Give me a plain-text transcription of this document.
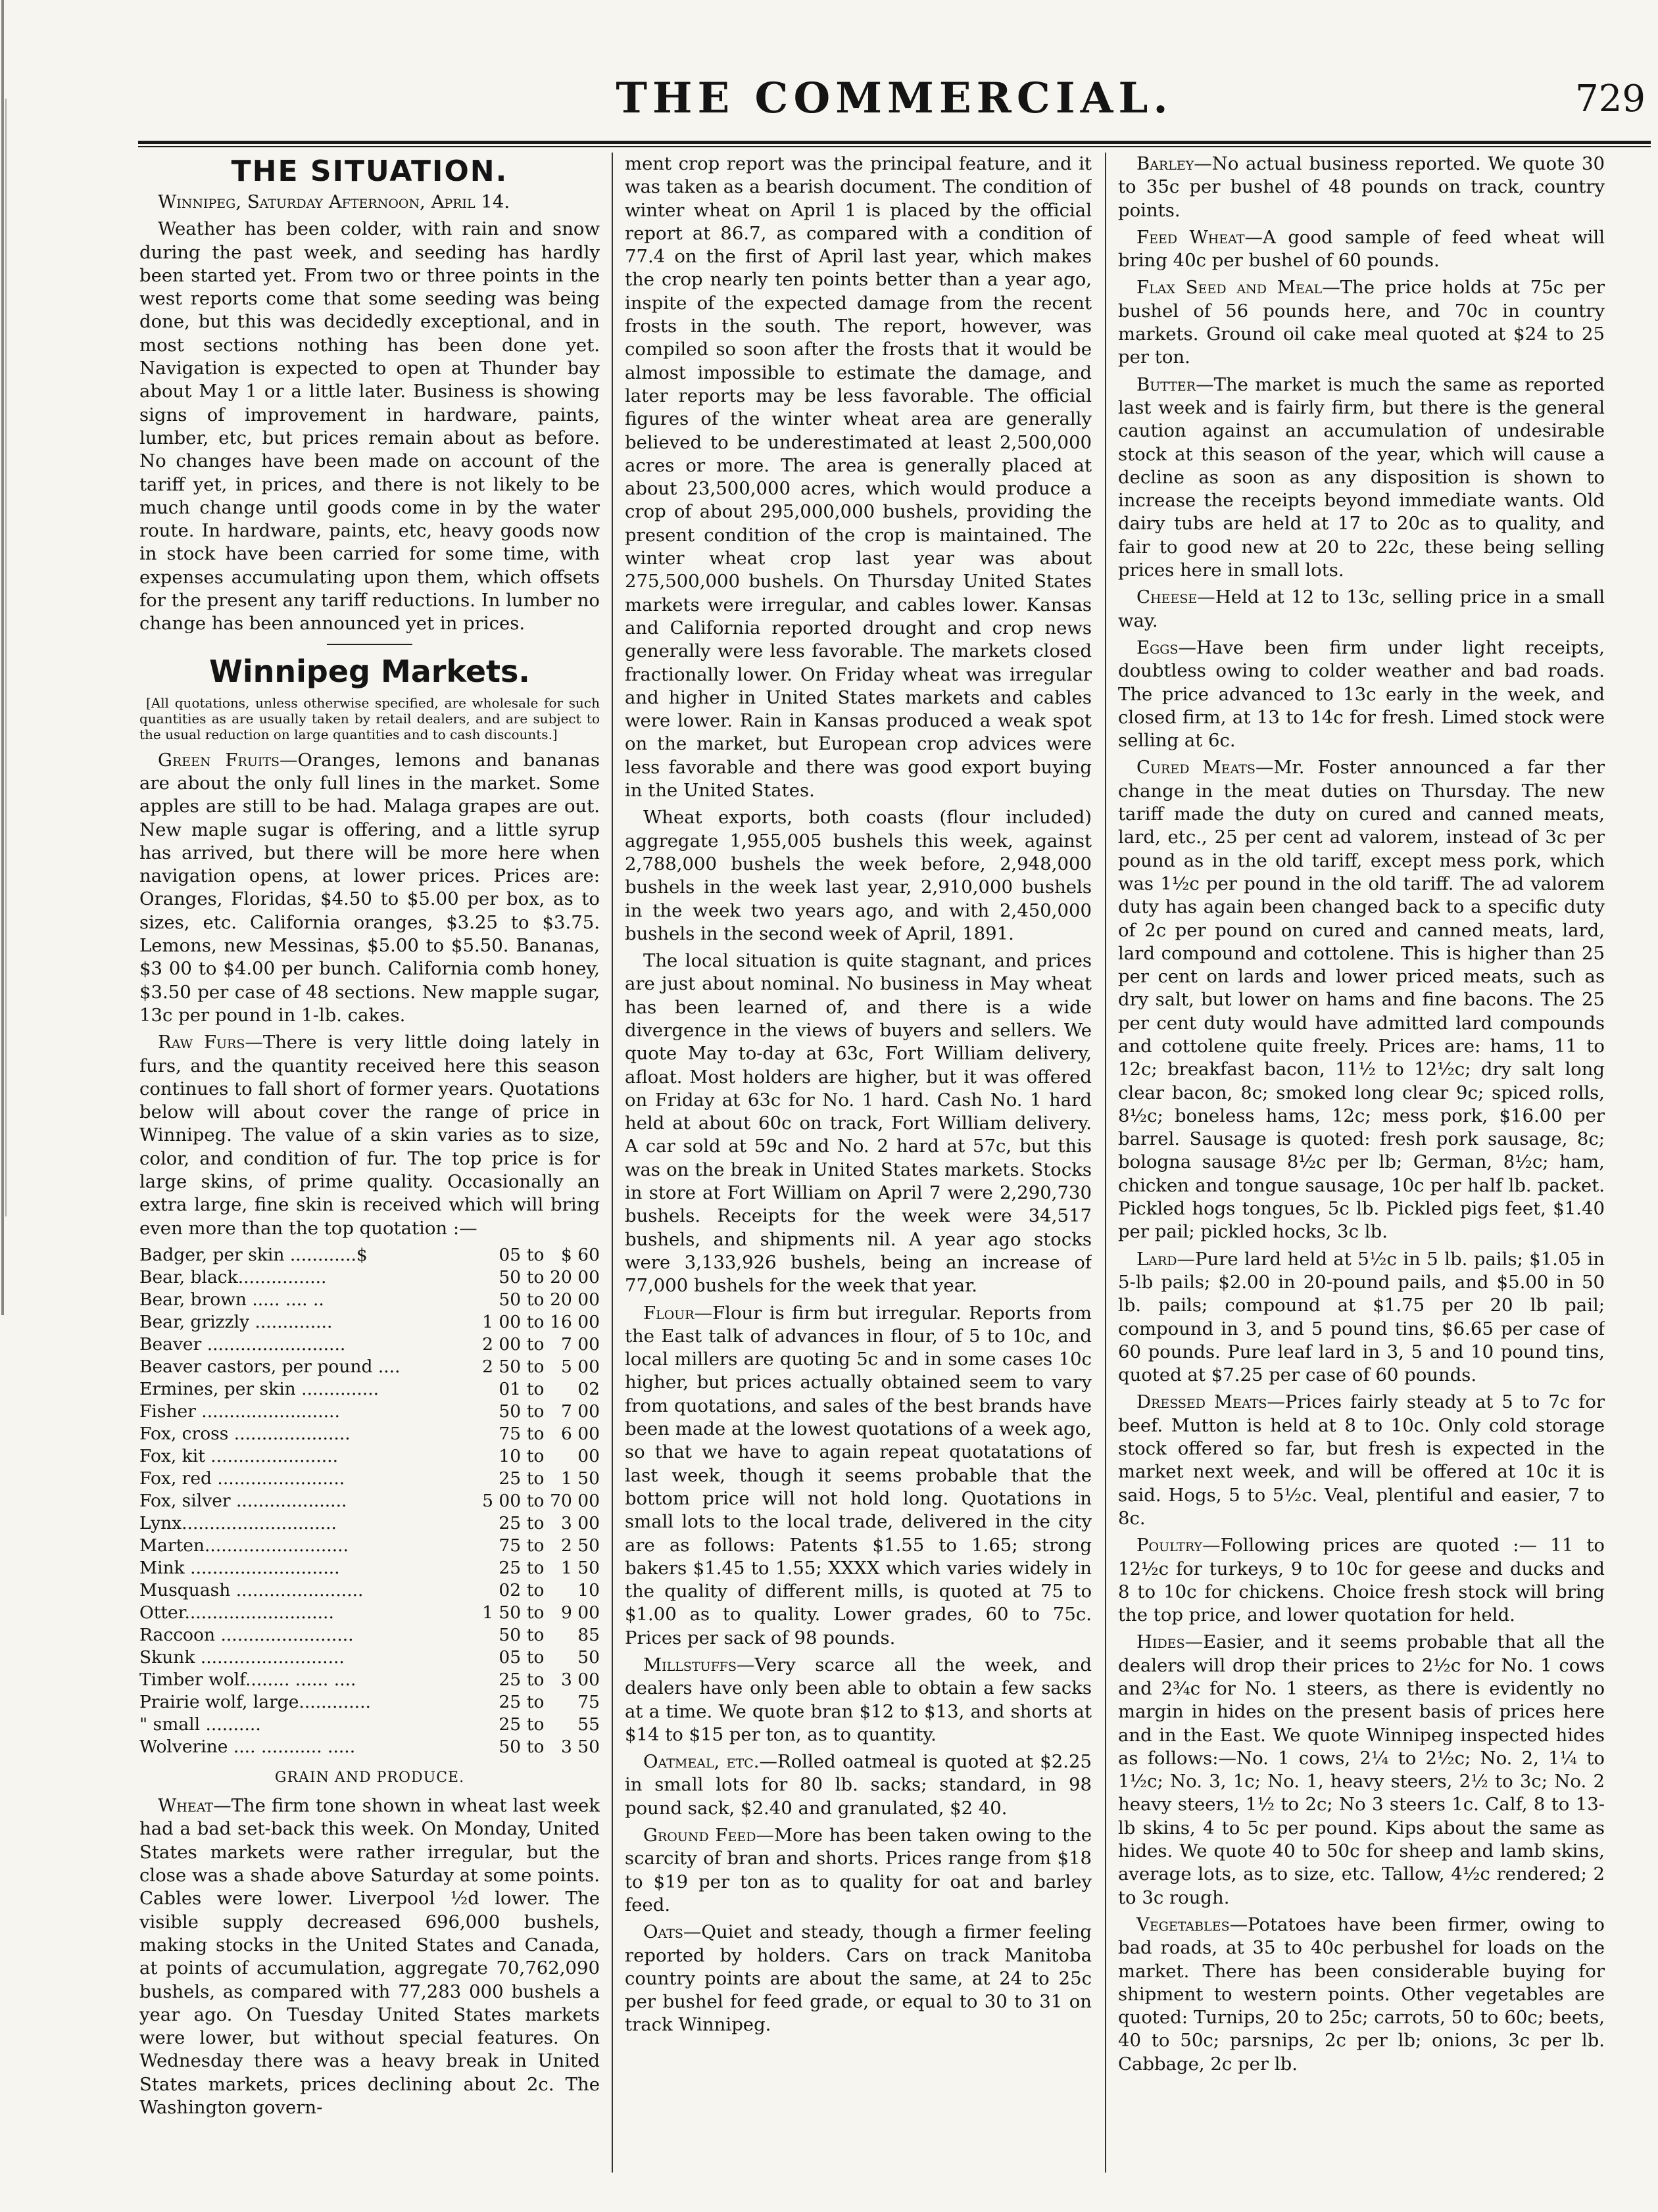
THE COMMERCIAL.	729
THE SITUATION.

Winnipeg, Saturday Afternoon, April 14.

Weather has been colder, with rain and snow during the past week, and seeding has hardly been started yet. From two or three points in the west reports come that some seeding was being done, but this was decidedly exceptional, and in most sections nothing has been done yet. Navigation is expected to open at Thunder bay about May 1 or a little later. Business is showing signs of improvement in hardware, paints, lumber, etc, but prices remain about as before. No changes have been made on account of the tariff yet, in prices, and there is not likely to be much change until goods come in by the water route. In hardware, paints, etc, heavy goods now in stock have been carried for some time, with expenses accumulating upon them, which offsets for the present any tariff reductions. In lumber no change has been announced yet in prices.

Winnipeg Markets.

[All quotations, unless otherwise specified, are wholesale for such quantities as are usually taken by retail dealers, and are subject to the usual reduction on large quantities and to cash discounts.]

Green Fruits—Oranges, lemons and bananas are about the only full lines in the market. Some apples are still to be had. Malaga grapes are out. New maple sugar is offering, and a little syrup has arrived, but there will be more here when navigation opens, at lower prices. Prices are: Oranges, Floridas, $4.50 to $5.00 per box, as to sizes, etc. California oranges, $3.25 to $3.75. Lemons, new Messinas, $5.00 to $5.50. Bananas, $3 00 to $4.00 per bunch. California comb honey, $3.50 per case of 48 sections. New mapple sugar, 13c per pound in 1-lb. cakes.

Raw Furs—There is very little doing lately in furs, and the quantity received here this season continues to fall short of former years. Quotations below will about cover the range of price in Winnipeg. The value of a skin varies as to size, color, and condition of fur. The top price is for large skins, of prime quality. Occasionally an extra large, fine skin is received which will bring even more than the top quotation :—

Badger, per skin ............$	05	to	$ 60
Bear, black................	50	to	20 00
Bear, brown ..... .... ..	50	to	20 00
Bear, grizzly ..............	1 00	to	16 00
Beaver .........................	2 00	to	7 00
Beaver castors, per pound ....	2 50	to	5 00
Ermines, per skin ..............	01	to	02
Fisher .........................	50	to	7 00
Fox, cross .....................	75	to	6 00
Fox, kit .......................	10	to	00
Fox, red .......................	25	to	1 50
Fox, silver ....................	5 00	to	70 00
Lynx............................	25	to	3 00
Marten..........................	75	to	2 50
Mink ...........................	25	to	1 50
Musquash .......................	02	to	10
Otter...........................	1 50	to	9 00
Raccoon ........................	50	to	85
Skunk ..........................	05	to	50
Timber wolf........ ...... ....	25	to	3 00
Prairie wolf, large.............	25	to	75
" small ..........	25	to	55
Wolverine .... ........... .....	50	to	3 50
GRAIN AND PRODUCE.

Wheat—The firm tone shown in wheat last week had a bad set-back this week. On Monday, United States markets were rather irregular, but the close was a shade above Saturday at some points. Cables were lower. Liverpool ½d lower. The visible supply decreased 696,000 bushels, making stocks in the United States and Canada, at points of accumulation, aggregate 70,762,090 bushels, as compared with 77,283 000 bushels a year ago. On Tuesday United States markets were lower, but without special features. On Wednesday there was a heavy break in United States markets, prices declining about 2c. The Washington govern-

ment crop report was the principal feature, and it was taken as a bearish document. The condition of winter wheat on April 1 is placed by the official report at 86.7, as compared with a condition of 77.4 on the first of April last year, which makes the crop nearly ten points better than a year ago, inspite of the expected damage from the recent frosts in the south. The report, however, was compiled so soon after the frosts that it would be almost impossible to estimate the damage, and later reports may be less favorable. The official figures of the winter wheat area are generally believed to be underestimated at least 2,500,000 acres or more. The area is generally placed at about 23,500,000 acres, which would produce a crop of about 295,000,000 bushels, providing the present condition of the crop is maintained. The winter wheat crop last year was about 275,500,000 bushels. On Thursday United States markets were irregular, and cables lower. Kansas and California reported drought and crop news generally were less favorable. The markets closed fractionally lower. On Friday wheat was irregular and higher in United States markets and cables were lower. Rain in Kansas produced a weak spot on the market, but European crop advices were less favorable and there was good export buying in the United States.

Wheat exports, both coasts (flour included) aggregate 1,955,005 bushels this week, against 2,788,000 bushels the week before, 2,948,000 bushels in the week last year, 2,910,000 bushels in the week two years ago, and with 2,450,000 bushels in the second week of April, 1891.

The local situation is quite stagnant, and prices are just about nominal. No business in May wheat has been learned of, and there is a wide divergence in the views of buyers and sellers. We quote May to-day at 63c, Fort William delivery, afloat. Most holders are higher, but it was offered on Friday at 63c for No. 1 hard. Cash No. 1 hard held at about 60c on track, Fort William delivery. A car sold at 59c and No. 2 hard at 57c, but this was on the break in United States markets. Stocks in store at Fort William on April 7 were 2,290,730 bushels. Receipts for the week were 34,517 bushels, and shipments nil. A year ago stocks were 3,133,926 bushels, being an increase of 77,000 bushels for the week that year.

Flour—Flour is firm but irregular. Reports from the East talk of advances in flour, of 5 to 10c, and local millers are quoting 5c and in some cases 10c higher, but prices actually obtained seem to vary from quotations, and sales of the best brands have been made at the lowest quotations of a week ago, so that we have to again repeat quotatations of last week, though it seems probable that the bottom price will not hold long. Quotations in small lots to the local trade, delivered in the city are as follows: Patents $1.55 to 1.65; strong bakers $1.45 to 1.55; XXXX which varies widely in the quality of different mills, is quoted at 75 to $1.00 as to quality. Lower grades, 60 to 75c. Prices per sack of 98 pounds.

Millstuffs—Very scarce all the week, and dealers have only been able to obtain a few sacks at a time. We quote bran $12 to $13, and shorts at $14 to $15 per ton, as to quantity.

Oatmeal, etc.—Rolled oatmeal is quoted at $2.25 in small lots for 80 lb. sacks; standard, in 98 pound sack, $2.40 and granulated, $2 40.

Ground Feed—More has been taken owing to the scarcity of bran and shorts. Prices range from $18 to $19 per ton as to quality for oat and barley feed.

Oats—Quiet and steady, though a firmer feeling reported by holders. Cars on track Manitoba country points are about the same, at 24 to 25c per bushel for feed grade, or equal to 30 to 31 on track Winnipeg.

Barley—No actual business reported. We quote 30 to 35c per bushel of 48 pounds on track, country points.

Feed Wheat—A good sample of feed wheat will bring 40c per bushel of 60 pounds.

Flax Seed and Meal—The price holds at 75c per bushel of 56 pounds here, and 70c in country markets. Ground oil cake meal quoted at $24 to 25 per ton.

Butter—The market is much the same as reported last week and is fairly firm, but there is the general caution against an accumulation of undesirable stock at this season of the year, which will cause a decline as soon as any disposition is shown to increase the receipts beyond immediate wants. Old dairy tubs are held at 17 to 20c as to quality, and fair to good new at 20 to 22c, these being selling prices here in small lots.

Cheese—Held at 12 to 13c, selling price in a small way.

Eggs—Have been firm under light receipts, doubtless owing to colder weather and bad roads. The price advanced to 13c early in the week, and closed firm, at 13 to 14c for fresh. Limed stock were selling at 6c.

Cured Meats—Mr. Foster announced a far ther change in the meat duties on Thursday. The new tariff made the duty on cured and canned meats, lard, etc., 25 per cent ad valorem, instead of 3c per pound as in the old tariff, except mess pork, which was 1½c per pound in the old tariff. The ad valorem duty has again been changed back to a specific duty of 2c per pound on cured and canned meats, lard, lard compound and cottolene. This is higher than 25 per cent on lards and lower priced meats, such as dry salt, but lower on hams and fine bacons. The 25 per cent duty would have admitted lard compounds and cottolene quite freely. Prices are: hams, 11 to 12c; breakfast bacon, 11½ to 12½c; dry salt long clear bacon, 8c; smoked long clear 9c; spiced rolls, 8½c; boneless hams, 12c; mess pork, $16.00 per barrel. Sausage is quoted: fresh pork sausage, 8c; bologna sausage 8½c per lb; German, 8½c; ham, chicken and tongue sausage, 10c per half lb. packet. Pickled hogs tongues, 5c lb. Pickled pigs feet, $1.40 per pail; pickled hocks, 3c lb.

Lard—Pure lard held at 5½c in 5 lb. pails; $1.05 in 5-lb pails; $2.00 in 20-pound pails, and $5.00 in 50 lb. pails; compound at $1.75 per 20 lb pail; compound in 3, and 5 pound tins, $6.65 per case of 60 pounds. Pure leaf lard in 3, 5 and 10 pound tins, quoted at $7.25 per case of 60 pounds.

Dressed Meats—Prices fairly steady at 5 to 7c for beef. Mutton is held at 8 to 10c. Only cold storage stock offered so far, but fresh is expected in the market next week, and will be offered at 10c it is said. Hogs, 5 to 5½c. Veal, plentiful and easier, 7 to 8c.

Poultry—Following prices are quoted :— 11 to 12½c for turkeys, 9 to 10c for geese and ducks and 8 to 10c for chickens. Choice fresh stock will bring the top price, and lower quotation for held.

Hides—Easier, and it seems probable that all the dealers will drop their prices to 2½c for No. 1 cows and 2¾c for No. 1 steers, as there is evidently no margin in hides on the present basis of prices here and in the East. We quote Winnipeg inspected hides as follows:—No. 1 cows, 2¼ to 2½c; No. 2, 1¼ to 1½c; No. 3, 1c; No. 1, heavy steers, 2½ to 3c; No. 2 heavy steers, 1½ to 2c; No 3 steers 1c. Calf, 8 to 13-lb skins, 4 to 5c per pound. Kips about the same as hides. We quote 40 to 50c for sheep and lamb skins, average lots, as to size, etc. Tallow, 4½c rendered; 2 to 3c rough.

Vegetables—Potatoes have been firmer, owing to bad roads, at 35 to 40c perbushel for loads on the market. There has been considerable buying for shipment to western points. Other vegetables are quoted: Turnips, 20 to 25c; carrots, 50 to 60c; beets, 40 to 50c; parsnips, 2c per lb; onions, 3c per lb. Cabbage, 2c per lb.
